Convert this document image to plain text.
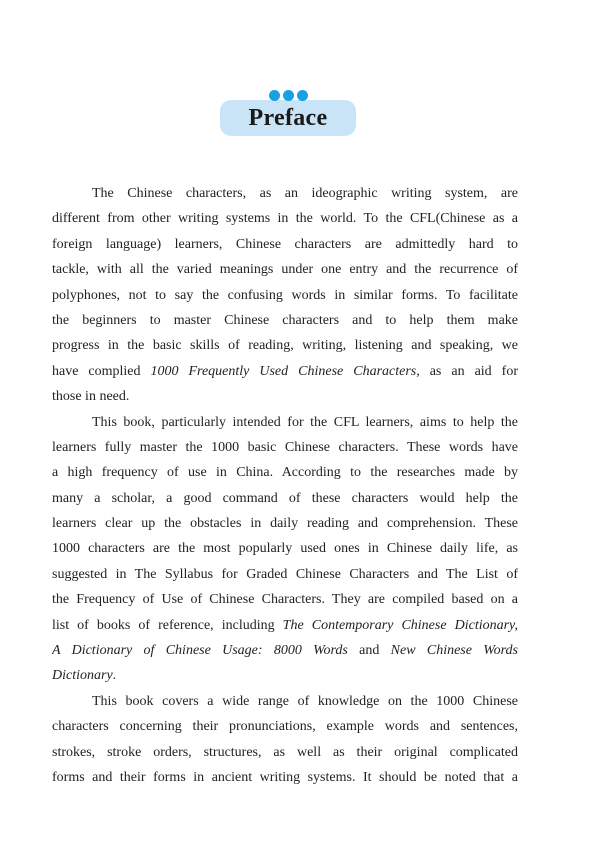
Preface
The Chinese characters, as an ideographic writing system, are
different from other writing systems in the world. To the CFL(Chinese as a
foreign language) learners, Chinese characters are admittedly hard to
tackle, with all the varied meanings under one entry and the recurrence of
polyphones, not to say the confusing words in similar forms. To facilitate
the beginners to master Chinese characters and to help them make
progress in the basic skills of reading, writing, listening and speaking, we
have complied 1000 Frequently Used Chinese Characters, as an aid for
those in need.
This book, particularly intended for the CFL learners, aims to help the
learners fully master the 1000 basic Chinese characters. These words have
a high frequency of use in China. According to the researches made by
many a scholar, a good command of these characters would help the
learners clear up the obstacles in daily reading and comprehension. These
1000 characters are the most popularly used ones in Chinese daily life, as
suggested in The Syllabus for Graded Chinese Characters and The List of
the Frequency of Use of Chinese Characters. They are compiled based on a
list of books of reference, including The Contemporary Chinese Dictionary,
A Dictionary of Chinese Usage: 8000 Words and New Chinese Words
Dictionary.
This book covers a wide range of knowledge on the 1000 Chinese
characters concerning their pronunciations, example words and sentences,
strokes, stroke orders, structures, as well as their original complicated
forms and their forms in ancient writing systems. It should be noted that a
